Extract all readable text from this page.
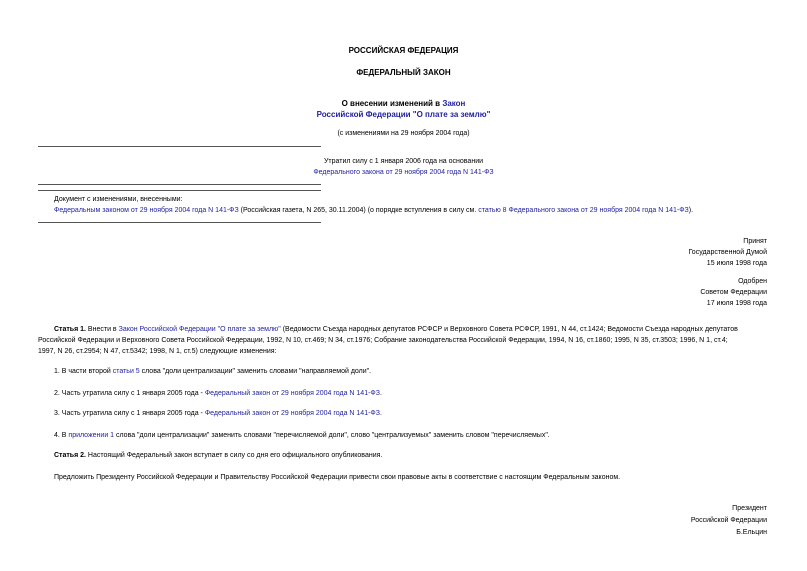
РОССИЙСКАЯ ФЕДЕРАЦИЯ
ФЕДЕРАЛЬНЫЙ ЗАКОН
О внесении изменений в Закон
Российской Федерации "О плате за землю"
(с изменениями на 29 ноября 2004 года)
Утратил силу с 1 января 2006 года на основании
Федерального закона от 29 ноября 2004 года N 141-ФЗ
Документ с изменениями, внесенными:
Федеральным законом от 29 ноября 2004 года N 141-ФЗ (Российская газета, N 265, 30.11.2004) (о порядке вступления в силу см. статью 8 Федерального закона от 29 ноября 2004 года N 141-ФЗ).
Принят
Государственной Думой
15 июля 1998 года
Одобрен
Советом Федерации
17 июля 1998 года
Статья 1. Внести в Закон Российской Федерации "О плате за землю" (Ведомости Съезда народных депутатов РСФСР и Верховного Совета РСФСР, 1991, N 44, ст.1424; Ведомости Съезда народных депутатов
Российской Федерации и Верховного Совета Российской Федерации, 1992, N 10, ст.469; N 34, ст.1976; Собрание законодательства Российской Федерации, 1994, N 16, ст.1860; 1995, N 35, ст.3503; 1996, N 1, ст.4;
1997, N 26, ст.2954; N 47, ст.5342; 1998, N 1, ст.5) следующие изменения:
1. В части второй статьи 5 слова "доли централизации" заменить словами "направляемой доли".
2. Часть утратила силу с 1 января 2005 года - Федеральный закон от 29 ноября 2004 года N 141-ФЗ.
3. Часть утратила силу с 1 января 2005 года - Федеральный закон от 29 ноября 2004 года N 141-ФЗ.
4. В приложении 1 слова "доли централизации" заменить словами "перечисляемой доли", слово "централизуемых" заменить словом "перечисляемых".
Статья 2. Настоящий Федеральный закон вступает в силу со дня его официального опубликования.
Предложить Президенту Российской Федерации и Правительству Российской Федерации привести свои правовые акты в соответствие с настоящим Федеральным законом.
Президент
Российской Федерации
Б.Ельцин
